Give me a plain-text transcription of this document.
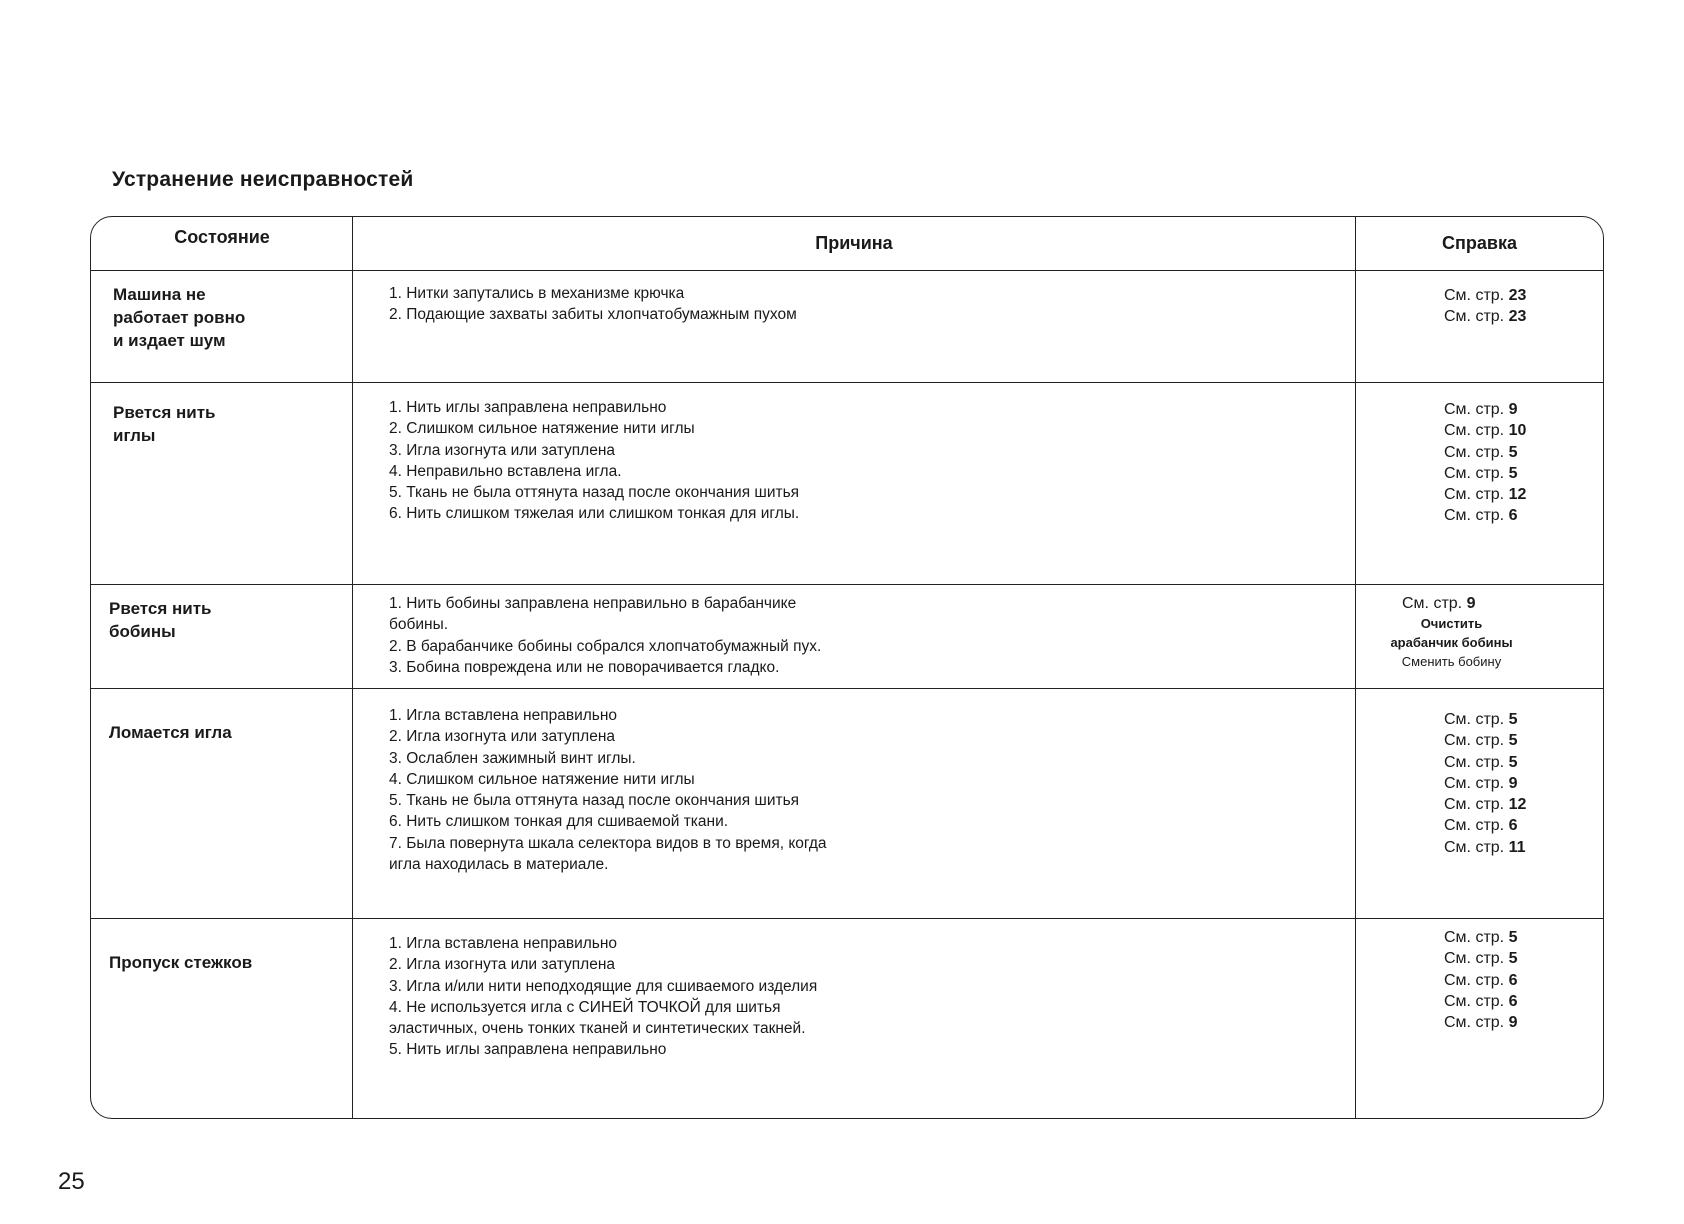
Устранение неисправностей
Состояние	Причина	Справка
Машина не
работает ровно
и издает шум
1. Нитки запутались в механизме крючка
2. Подающие захваты забиты хлопчатобумажным пухом
См. стр. 23
См. стр. 23
Рвется нить
иглы
1. Нить иглы заправлена неправильно
2. Слишком сильное натяжение нити иглы
3. Игла изогнута или затуплена
4. Неправильно вставлена игла.
5. Ткань не была оттянута назад после окончания шитья
6. Нить слишком тяжелая или слишком тонкая для иглы.
См. стр. 9
См. стр. 10
См. стр. 5
См. стр. 5
См. стр. 12
См. стр. 6
Рвется нить
бобины
1. Нить бобины заправлена неправильно в барабанчике
бобины.
2. В барабанчике бобины собрался хлопчатобумажный пух.
3. Бобина повреждена или не поворачивается гладко.
См. стр. 9
Очистить
арабанчик бобины
Сменить бобину
Ломается игла
1. Игла вставлена неправильно
2. Игла изогнута или затуплена
3. Ослаблен зажимный винт иглы.
4. Слишком сильное натяжение нити иглы
5. Ткань не была оттянута назад после окончания шитья
6. Нить слишком тонкая для сшиваемой ткани.
7. Была повернута шкала селектора видов в то время, когда
игла находилась в материале.
См. стр. 5
См. стр. 5
См. стр. 5
См. стр. 9
См. стр. 12
См. стр. 6
См. стр. 11
Пропуск стежков
1. Игла вставлена неправильно
2. Игла изогнута или затуплена
3. Игла и/или нити неподходящие для сшиваемого изделия
4. Не используется игла с СИНЕЙ ТОЧКОЙ для шитья
эластичных, очень тонких тканей и синтетических такней.
5. Нить иглы заправлена неправильно
См. стр. 5
См. стр. 5
См. стр. 6
См. стр. 6
См. стр. 9
25
